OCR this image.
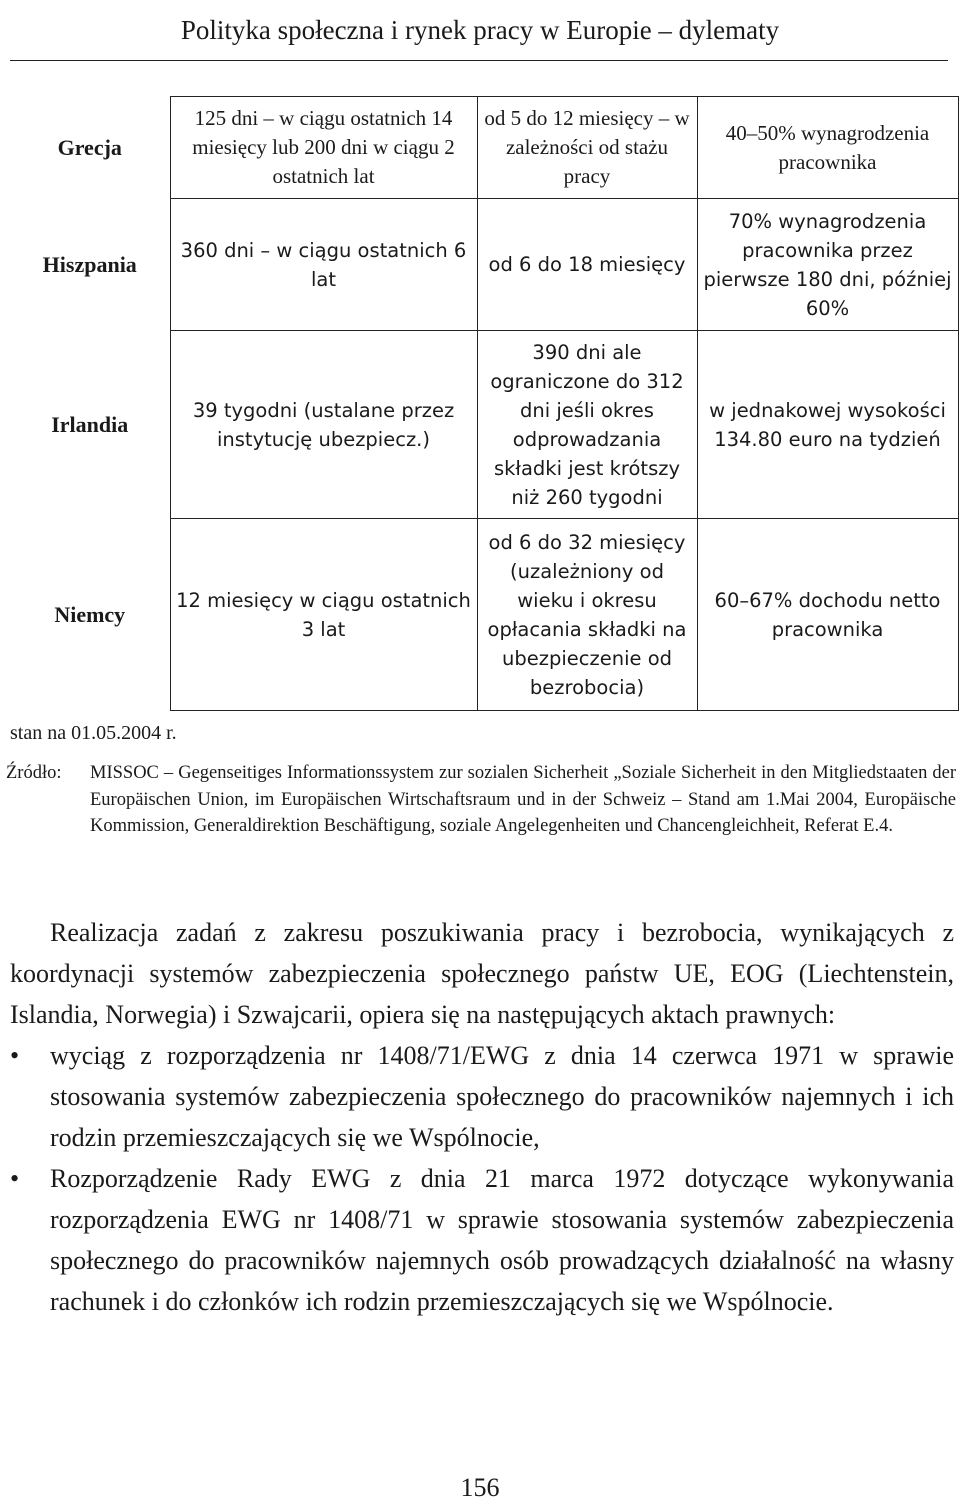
Polityka społeczna i rynek pracy w Europie – dylematy
Grecja	125 dni – w ciągu ostatnich 14 miesięcy lub 200 dni w ciągu 2 ostatnich lat	od 5 do 12 miesięcy – w zależności od stażu pracy	40–50% wynagrodzenia pracownika
Hiszpania	360 dni – w ciągu ostatnich 6 lat	od 6 do 18 miesięcy	70% wynagrodzenia pracownika przez pierwsze 180 dni, później 60%
Irlandia	39 tygodni (ustalane przez instytucję ubezpiecz.)	390 dni ale ograniczone do 312 dni jeśli okres odprowadzania składki jest krótszy niż 260 tygodni	w jednakowej wysokości 134.80 euro na tydzień
Niemcy	12 miesięcy w ciągu ostatnich 3 lat	od 6 do 32 miesięcy (uzależniony od wieku i okresu opłacania składki na ubezpieczenie od bezrobocia)	60–67% dochodu netto pracownika
stan na 01.05.2004 r.
Źródło: MISSOC – Gegenseitiges Informationssystem zur sozialen Sicherheit „Soziale Sicherheit in den Mitgliedstaaten der Europäischen Union, im Europäischen Wirtschaftsraum und in der Schweiz – Stand am 1.Mai 2004, Europäische Kommission, Generaldirektion Beschäftigung, soziale Angelegenheiten und Chancengleichheit, Referat E.4.

Realizacja zadań z zakresu poszukiwania pracy i bezrobocia, wynikających z koordynacji systemów zabezpieczenia społecznego państw UE, EOG (Liechtenstein, Islandia, Norwegia) i Szwajcarii, opiera się na następujących aktach prawnych:

• wyciąg z rozporządzenia nr 1408/71/EWG z dnia 14 czerwca 1971 w sprawie stosowania systemów zabezpieczenia społecznego do pracowników najemnych i ich rodzin przemieszczających się we Wspólnocie,
• Rozporządzenie Rady EWG z dnia 21 marca 1972 dotyczące wykonywania rozporządzenia EWG nr 1408/71 w sprawie stosowania systemów zabezpieczenia społecznego do pracowników najemnych osób prowadzących działalność na własny rachunek i do członków ich rodzin przemieszczających się we Wspólnocie.
156
